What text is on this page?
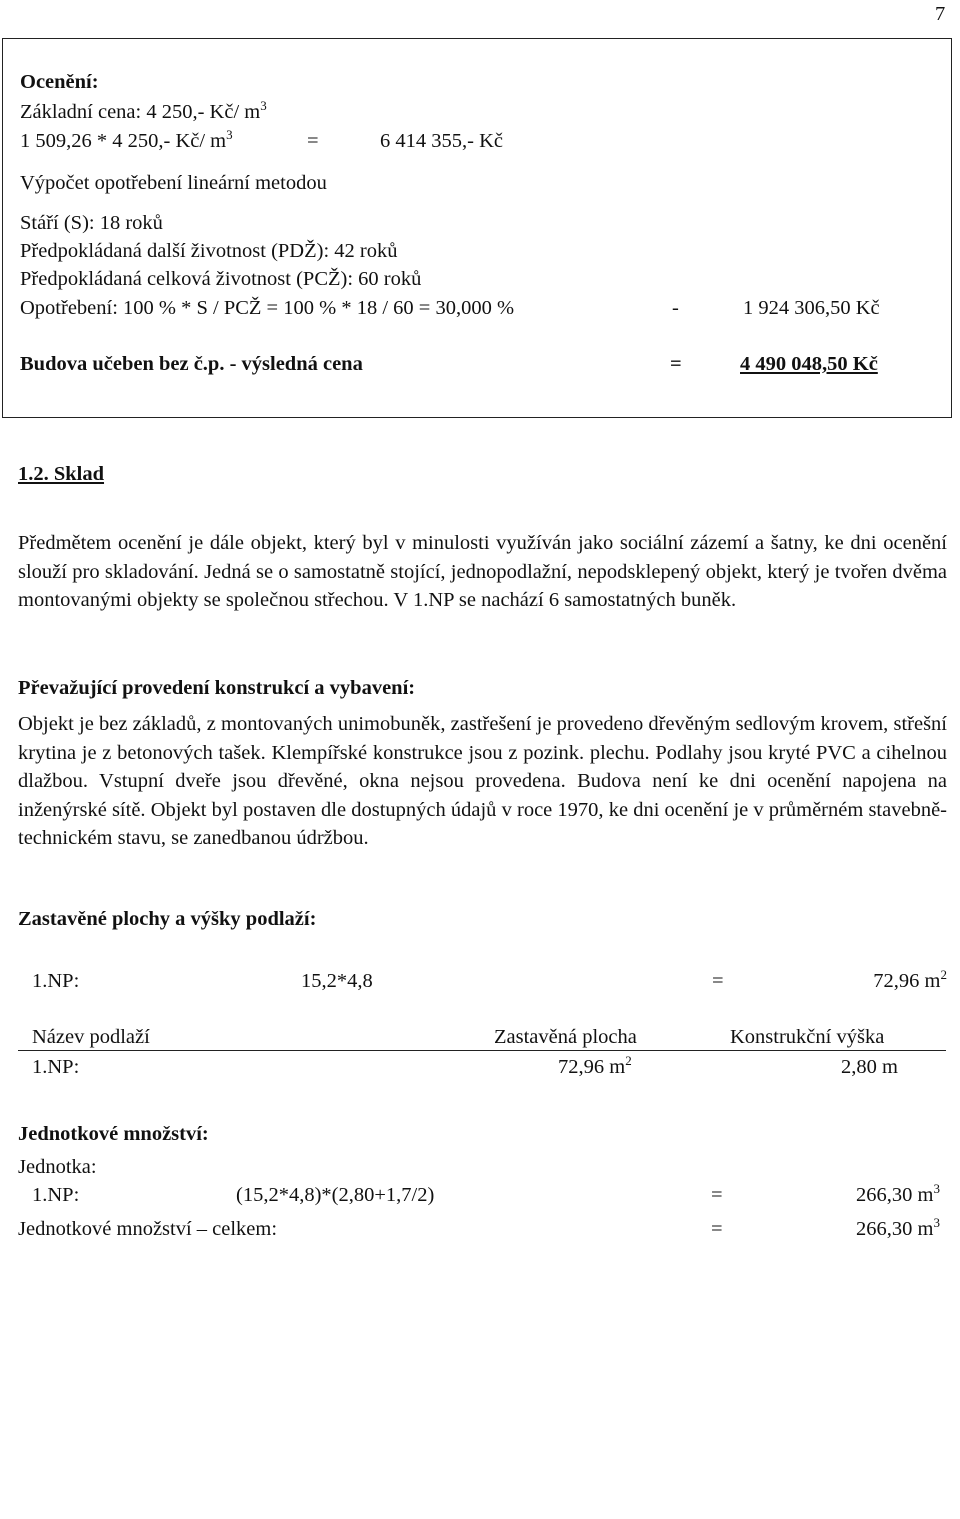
7
Ocenění:
Základní cena: 4 250,- Kč/ $m^3$
1 509,26 * 4 250,- Kč/ $m^3$	=	6 414 355,- Kč
Výpočet opotřebení lineární metodou
Stáří (S): 18 roků
Předpokládaná další životnost (PDŽ): 42 roků
Předpokládaná celková životnost (PCŽ): 60 roků
Opotřebení: 100 % * S / PCŽ = 100 % * 18 / 60 = 30,000 %	-	1 924 306,50 Kč
Budova učeben bez č.p. - výsledná cena	=	4 490 048,50 Kč
1.2. Sklad
Předmětem ocenění je dále objekt, který byl v minulosti využíván jako sociální zázemí a šatny, ke dni ocenění slouží pro skladování. Jedná se o samostatně stojící, jednopodlažní, nepodsklepený objekt, který je tvořen dvěma montovanými objekty se společnou střechou. V 1.NP se nachází 6 samostatných buněk.
Převažující provedení konstrukcí a vybavení:
Objekt je bez základů, z montovaných unimobuněk, zastřešení je provedeno dřevěným sedlovým krovem, střešní krytina je z betonových tašek. Klempířské konstrukce jsou z pozink. plechu. Podlahy jsou kryté PVC a cihelnou dlažbou. Vstupní dveře jsou dřevěné, okna nejsou provedena. Budova není ke dni ocenění napojena na inženýrské sítě. Objekt byl postaven dle dostupných údajů v roce 1970, ke dni ocenění je v průměrném stavebně-technickém stavu, se zanedbanou údržbou.
Zastavěné plochy a výšky podlaží:
1.NP:	15,2*4,8	=	72,96 $m^2$
Název podlaží	Zastavěná plocha	Konstrukční výška
1.NP:	72,96 $m^2$	2,80 m
Jednotkové množství:
Jednotka:
1.NP:	(15,2*4,8)*(2,80+1,7/2)	=	266,30 $m^3$
Jednotkové množství – celkem:	=	266,30 $m^3$
